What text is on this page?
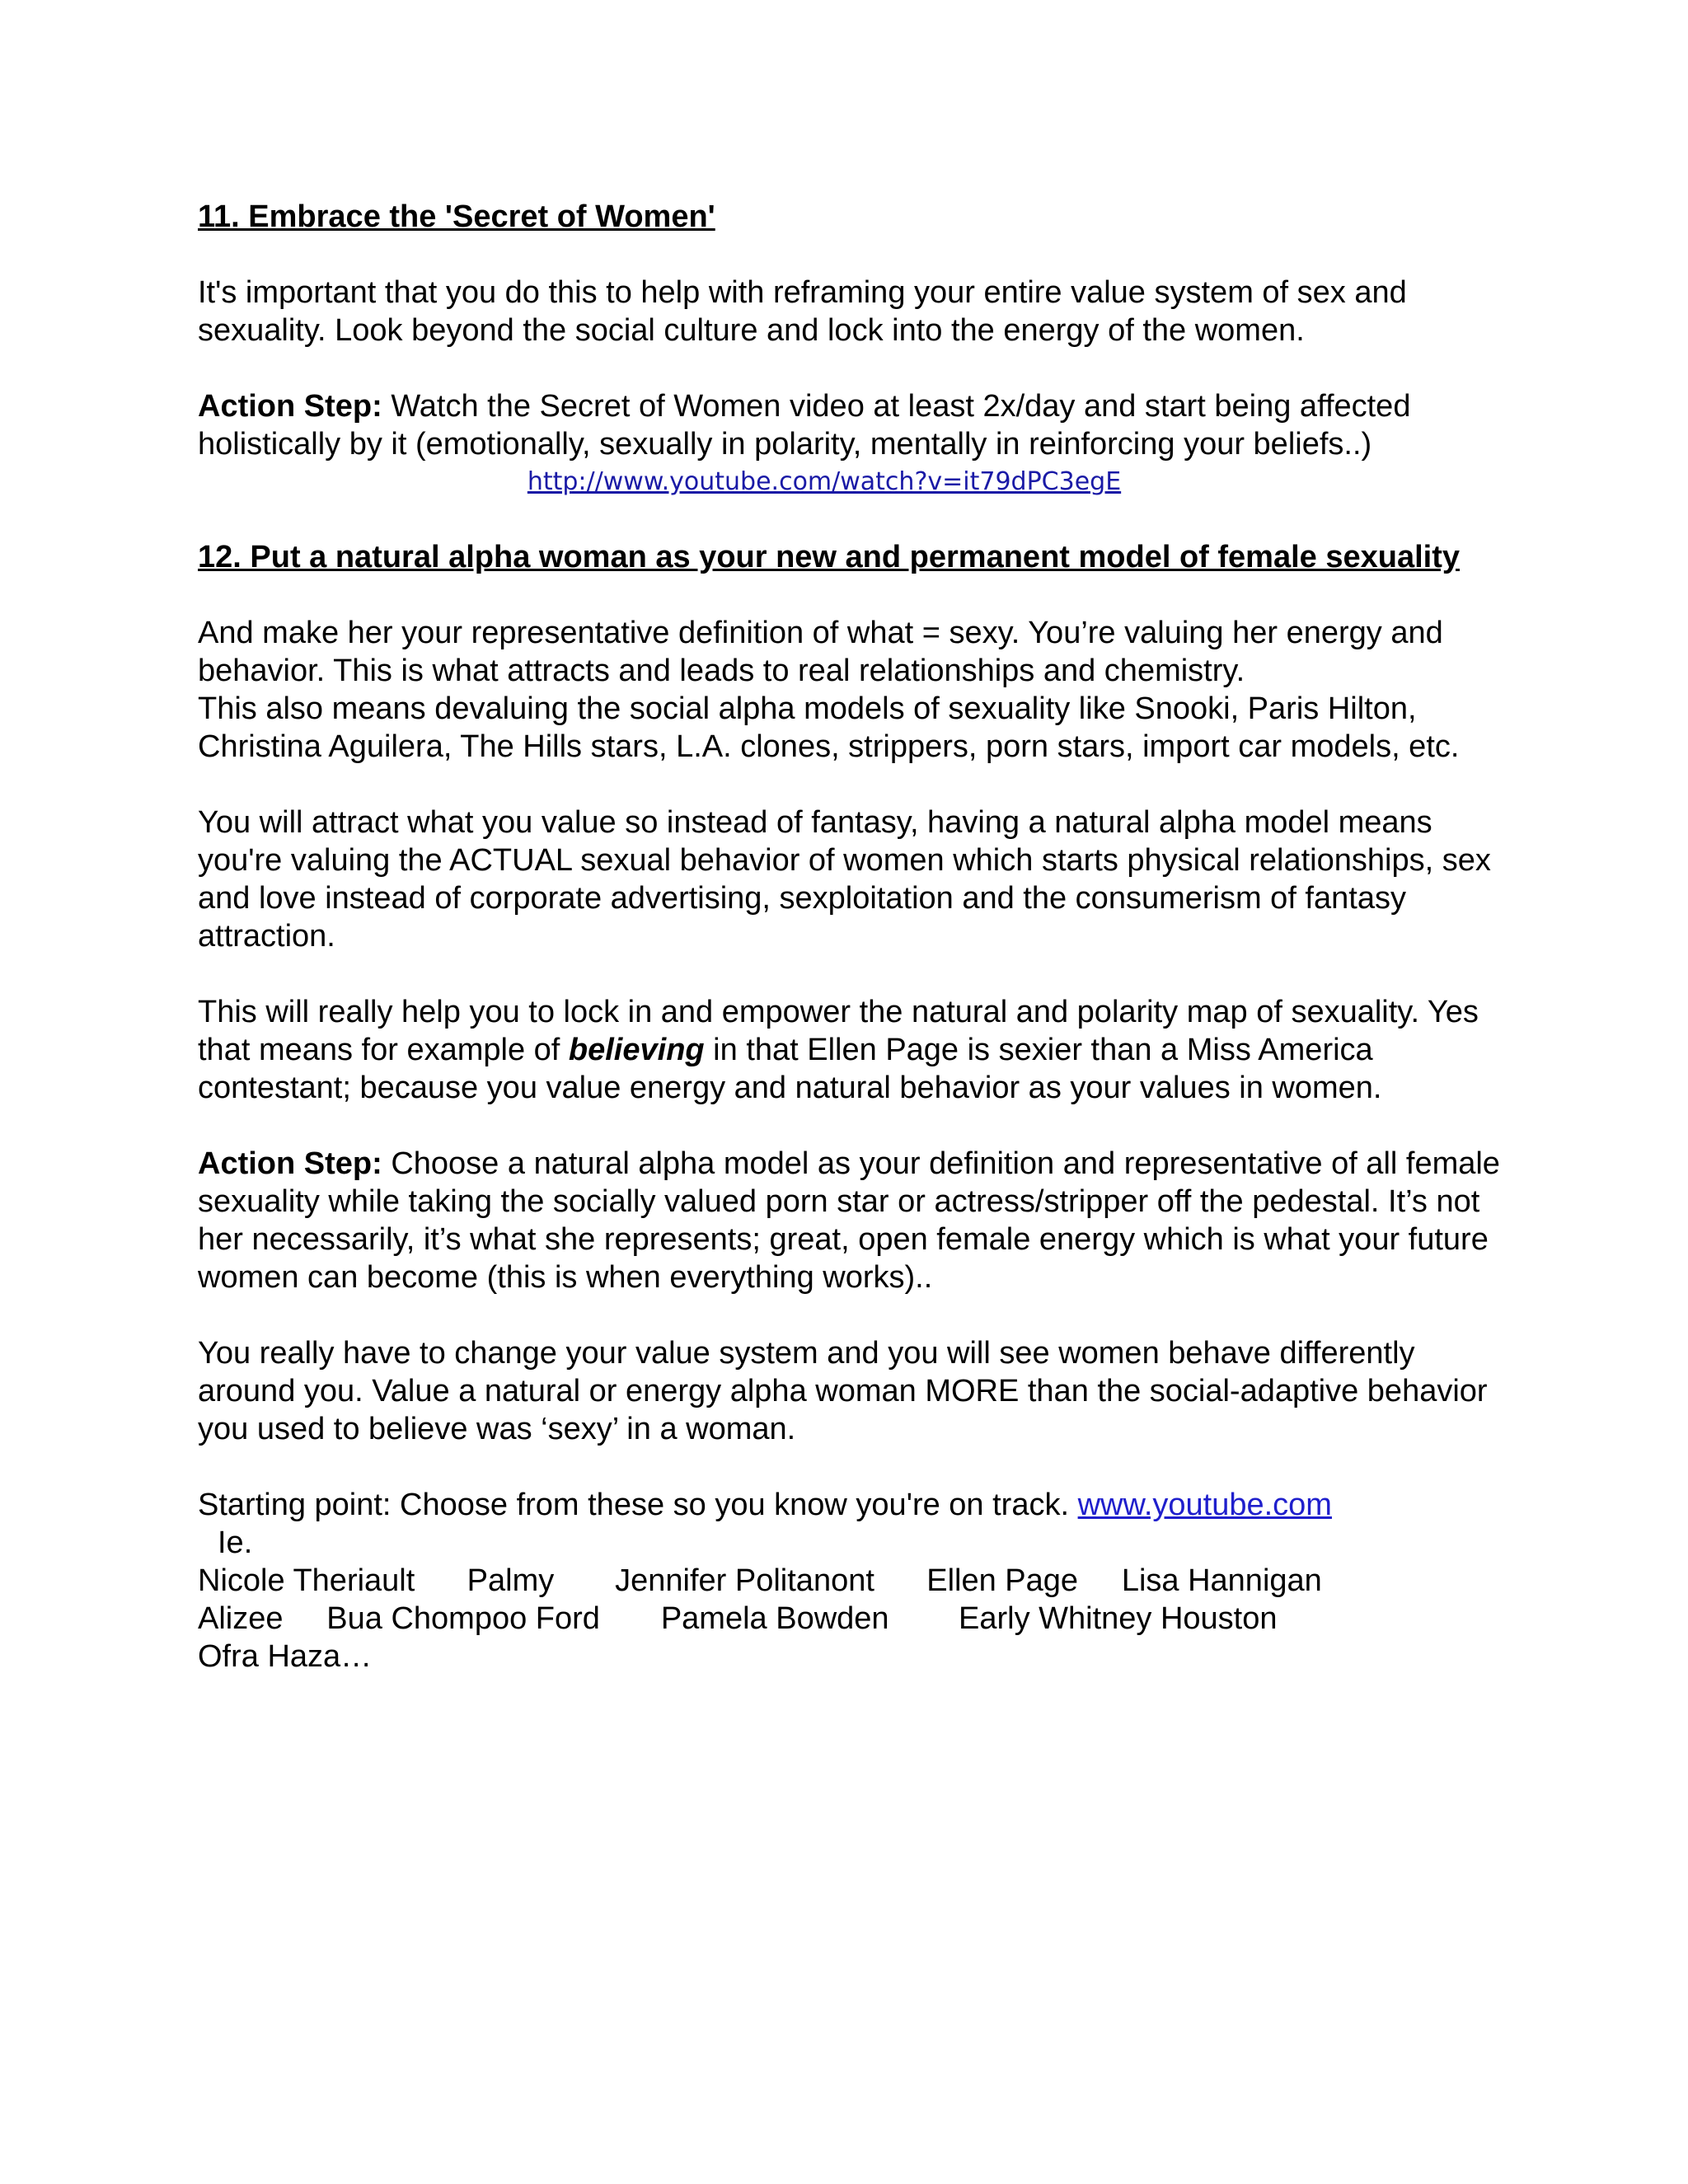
11. Embrace the 'Secret of Women'

It's important that you do this to help with reframing your entire value system of sex and sexuality. Look beyond the social culture and lock into the energy of the women.

Action Step: Watch the Secret of Women video at least 2x/day and start being affected holistically by it (emotionally, sexually in polarity, mentally in reinforcing your beliefs..)

http://www.youtube.com/watch?v=it79dPC3egE
12. Put a natural alpha woman as your new and permanent model of female sexuality

And make her your representative definition of what = sexy. You’re valuing her energy and behavior. This is what attracts and leads to real relationships and chemistry.

This also means devaluing the social alpha models of sexuality like Snooki, Paris Hilton, Christina Aguilera, The Hills stars, L.A. clones, strippers, porn stars, import car models, etc.

You will attract what you value so instead of fantasy, having a natural alpha model means you're valuing the ACTUAL sexual behavior of women which starts physical relationships, sex and love instead of corporate advertising, sexploitation and the consumerism of fantasy attraction.

This will really help you to lock in and empower the natural and polarity map of sexuality. Yes that means for example of believing in that Ellen Page is sexier than a Miss America contestant; because you value energy and natural behavior as your values in women.

Action Step: Choose a natural alpha model as your definition and representative of all female sexuality while taking the socially valued porn star or actress/stripper off the pedestal. It’s not her necessarily, it’s what she represents; great, open female energy which is what your future women can become (this is when everything works)..

You really have to change your value system and you will see women behave differently around you. Value a natural or energy alpha woman MORE than the social-adaptive behavior you used to believe was ‘sexy’ in a woman.

Starting point: Choose from these so you know you're on track. www.youtube.com

Ie.
Nicole Theriault      Palmy       Jennifer Politanont      Ellen Page     Lisa Hannigan
Alizee     Bua Chompoo Ford       Pamela Bowden        Early Whitney Houston
Ofra Haza…
